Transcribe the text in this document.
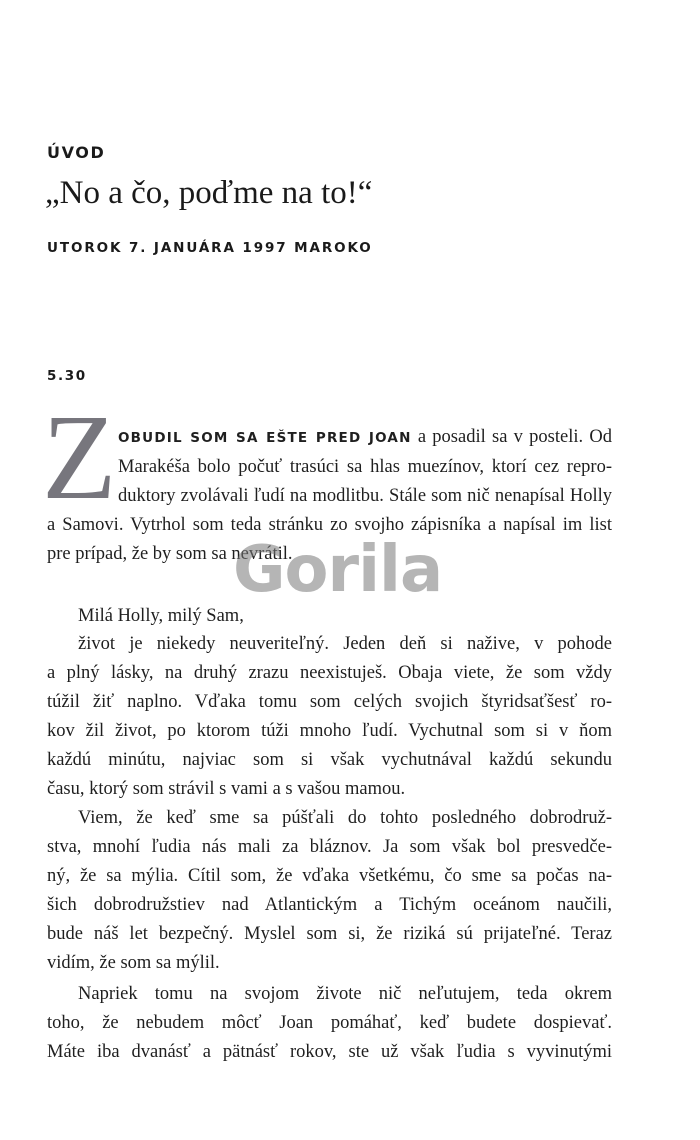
ÚVOD
„No a čo, poďme na to!“
UTOROK 7. JANUÁRA 1997 MAROKO
5.30
Z OBUDIL SOM SA EŠTE PRED JOAN a posadil sa v posteli. Od
Marakéša bolo počuť trasúci sa hlas muezínov, ktorí cez repro-
duktory zvolávali ľudí na modlitbu. Stále som nič nenapísal Holly
a Samovi. Vytrhol som teda stránku zo svojho zápisníka a napísal im list
pre prípad, že by som sa nevrátil.
Milá Holly, milý Sam,
život je niekedy neuveriteľný. Jeden deň si nažive, v pohode
a plný lásky, na druhý zrazu neexistuješ. Obaja viete, že som vždy
túžil žiť naplno. Vďaka tomu som celých svojich štyridsaťšesť ro-
kov žil život, po ktorom túži mnoho ľudí. Vychutnal som si v ňom
každú minútu, najviac som si však vychutnával každú sekundu
času, ktorý som strávil s vami a s vašou mamou.
Viem, že keď sme sa púšťali do tohto posledného dobrodruž-
stva, mnohí ľudia nás mali za bláznov. Ja som však bol presvedče-
ný, že sa mýlia. Cítil som, že vďaka všetkému, čo sme sa počas na-
šich dobrodružstiev nad Atlantickým a Tichým oceánom naučili,
bude náš let bezpečný. Myslel som si, že riziká sú prijateľné. Teraz
vidím, že som sa mýlil.
Napriek tomu na svojom živote nič neľutujem, teda okrem
toho, že nebudem môcť Joan pomáhať, keď budete dospievať.
Máte iba dvanásť a pätnásť rokov, ste už však ľudia s vyvinutými
Gorila
